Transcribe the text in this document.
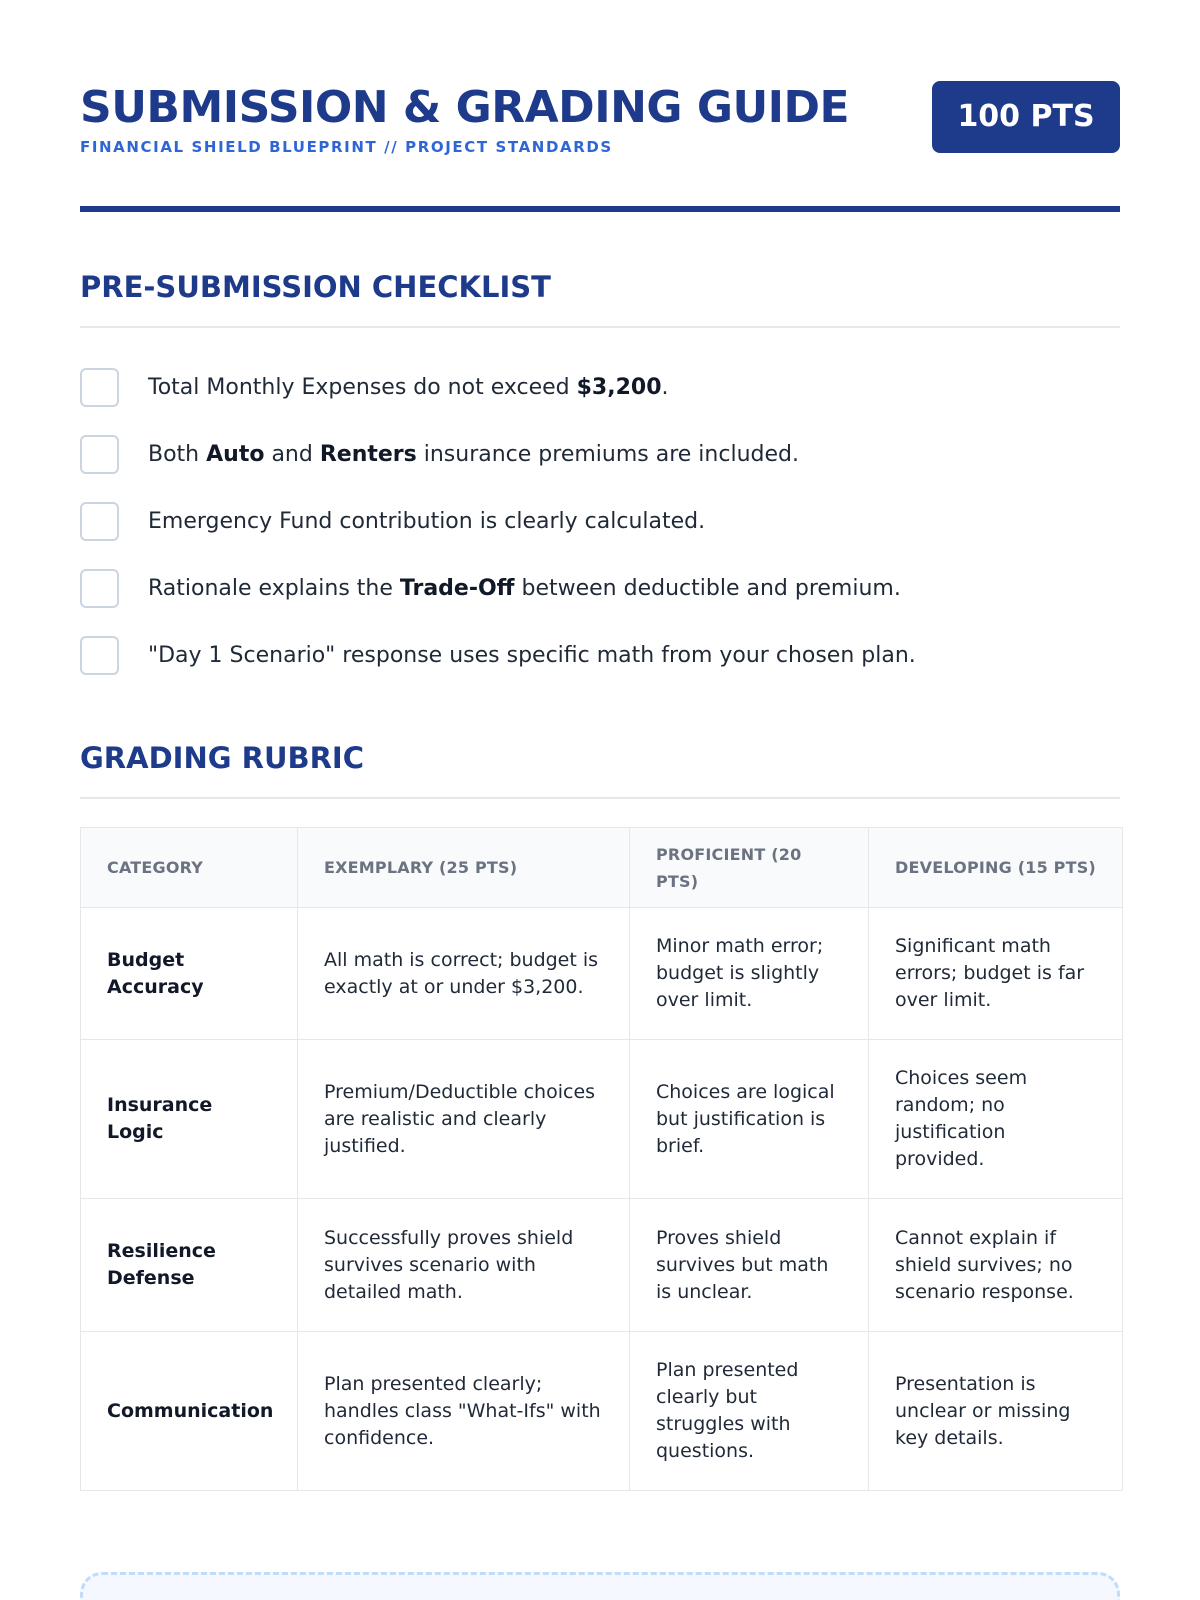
SUBMISSION & GRADING GUIDE
FINANCIAL SHIELD BLUEPRINT // PROJECT STANDARDS
100 PTS
PRE-SUBMISSION CHECKLIST
Total Monthly Expenses do not exceed $3,200.
Both Auto and Renters insurance premiums are included.
Emergency Fund contribution is clearly calculated.
Rationale explains the Trade-Off between deductible and premium.
"Day 1 Scenario" response uses specific math from your chosen plan.
GRADING RUBRIC
CATEGORY	EXEMPLARY (25 PTS)	PROFICIENT (20 PTS)	DEVELOPING (15 PTS)
Budget Accuracy	All math is correct; budget is exactly at or under $3,200.	Minor math error; budget is slightly over limit.	Significant math errors; budget is far over limit.
Insurance Logic	Premium/Deductible choices are realistic and clearly justified.	Choices are logical but justification is brief.	Choices seem random; no justification provided.
Resilience Defense	Successfully proves shield survives scenario with detailed math.	Proves shield survives but math is unclear.	Cannot explain if shield survives; no scenario response.
Communication	Plan presented clearly; handles class "What-Ifs" with confidence.	Plan presented clearly but struggles with questions.	Presentation is unclear or missing key details.
